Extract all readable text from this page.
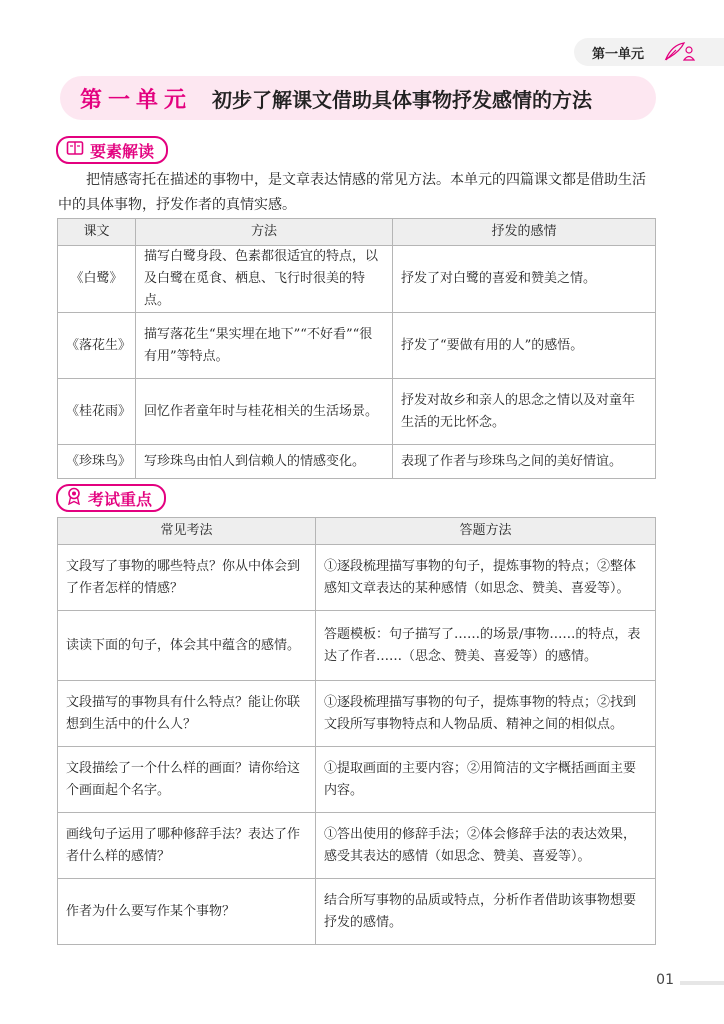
第一单元
第一单元 初步了解课文借助具体事物抒发感情的方法
要素解读

把情感寄托在描述的事物中，是文章表达情感的常见方法。本单元的四篇课文都是借助生活中的具体事物，抒发作者的真情实感。

课文	方法	抒发的感情
《白鹭》	描写白鹭身段、色素都很适宜的特点，以及白鹭在觅食、栖息、飞行时很美的特点。	抒发了对白鹭的喜爱和赞美之情。
《落花生》	描写落花生“果实埋在地下”“不好看”“很有用”等特点。	抒发了“要做有用的人”的感悟。
《桂花雨》	回忆作者童年时与桂花相关的生活场景。	抒发对故乡和亲人的思念之情以及对童年生活的无比怀念。
《珍珠鸟》	写珍珠鸟由怕人到信赖人的情感变化。	表现了作者与珍珠鸟之间的美好情谊。
考试重点
常见考法	答题方法
文段写了事物的哪些特点？你从中体会到了作者怎样的情感？	①逐段梳理描写事物的句子，提炼事物的特点；②整体感知文章表达的某种感情（如思念、赞美、喜爱等）。
读读下面的句子，体会其中蕴含的感情。	答题模板：句子描写了……的场景/事物……的特点，表达了作者……（思念、赞美、喜爱等）的感情。
文段描写的事物具有什么特点？能让你联想到生活中的什么人？	①逐段梳理描写事物的句子，提炼事物的特点；②找到文段所写事物特点和人物品质、精神之间的相似点。
文段描绘了一个什么样的画面？请你给这个画面起个名字。	①提取画面的主要内容；②用简洁的文字概括画面主要内容。
画线句子运用了哪种修辞手法？表达了作者什么样的感情？	①答出使用的修辞手法；②体会修辞手法的表达效果，感受其表达的感情（如思念、赞美、喜爱等）。
作者为什么要写作某个事物？	结合所写事物的品质或特点，分析作者借助该事物想要抒发的感情。
01
